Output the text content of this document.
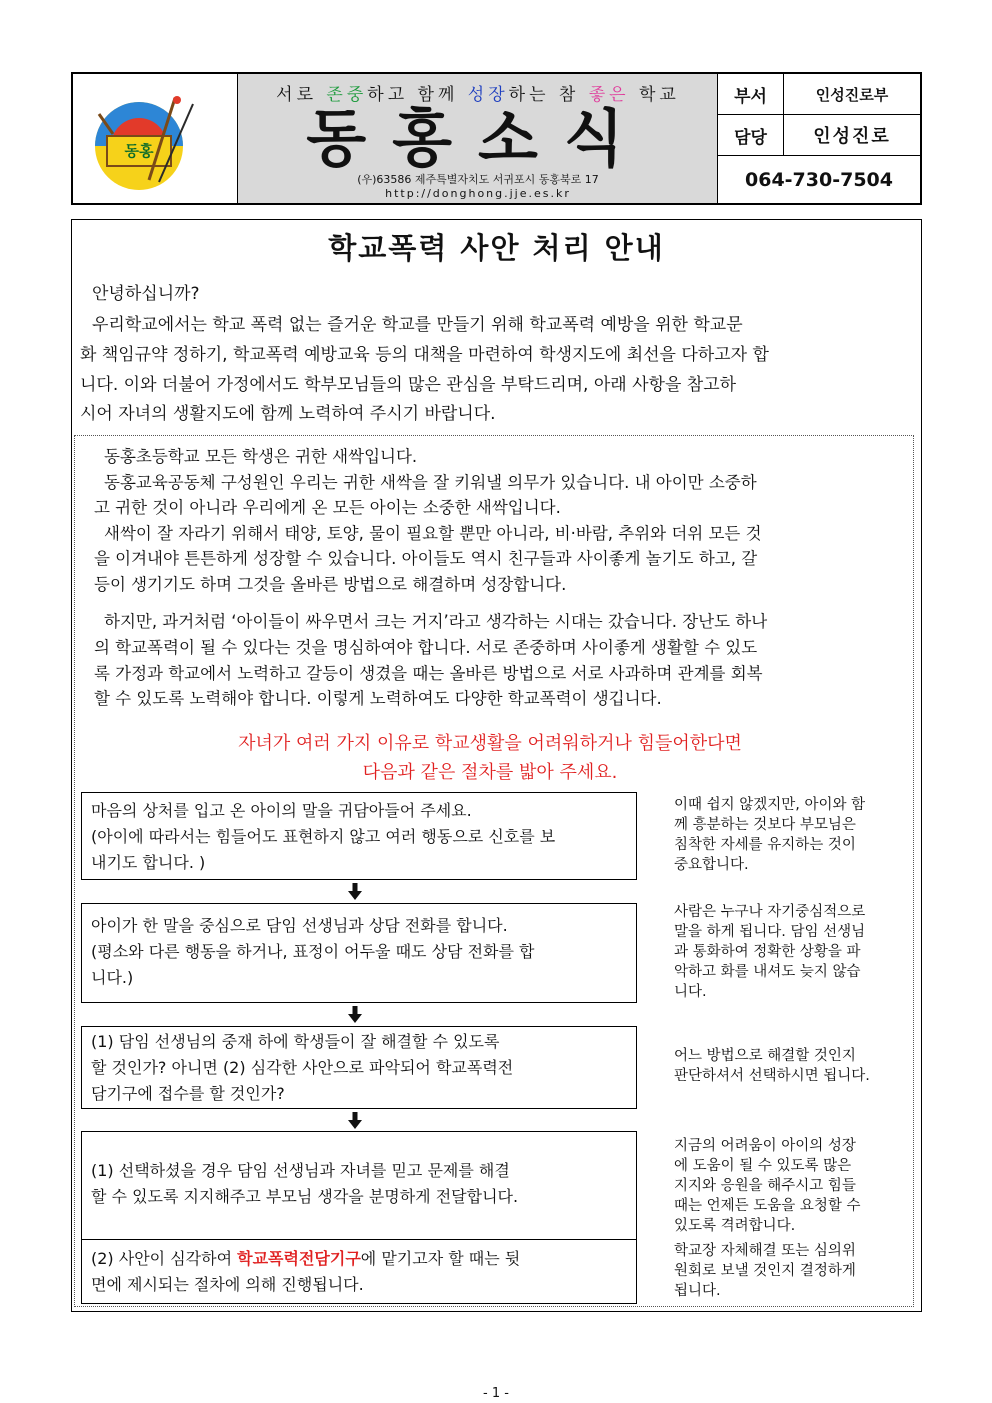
동홍
서로 존중하고 함께 성장하는 참 좋은 학교
동홍소식
(우)63586 제주특별자치도 서귀포시 동홍북로 17
http://donghong.jje.es.kr
부서	인성진로부
담당	인성진로
064-730-7504
학교폭력 사안 처리 안내
안녕하십니까?
우리학교에서는 학교 폭력 없는 즐거운 학교를 만들기 위해 학교폭력 예방을 위한 학교문
화 책임규약 정하기, 학교폭력 예방교육 등의 대책을 마련하여 학생지도에 최선을 다하고자 합
니다. 이와 더불어 가정에서도 학부모님들의 많은 관심을 부탁드리며, 아래 사항을 참고하
시어 자녀의 생활지도에 함께 노력하여 주시기 바랍니다.
동홍초등학교 모든 학생은 귀한 새싹입니다.
동홍교육공동체 구성원인 우리는 귀한 새싹을 잘 키워낼 의무가 있습니다. 내 아이만 소중하
고 귀한 것이 아니라 우리에게 온 모든 아이는 소중한 새싹입니다.
새싹이 잘 자라기 위해서 태양, 토양, 물이 필요할 뿐만 아니라, 비·바람, 추위와 더위 모든 것
을 이겨내야 튼튼하게 성장할 수 있습니다. 아이들도 역시 친구들과 사이좋게 놀기도 하고, 갈
등이 생기기도 하며 그것을 올바른 방법으로 해결하며 성장합니다.
하지만, 과거처럼 ‘아이들이 싸우면서 크는 거지’라고 생각하는 시대는 갔습니다. 장난도 하나
의 학교폭력이 될 수 있다는 것을 명심하여야 합니다. 서로 존중하며 사이좋게 생활할 수 있도
록 가정과 학교에서 노력하고 갈등이 생겼을 때는 올바른 방법으로 서로 사과하며 관계를 회복
할 수 있도록 노력해야 합니다. 이렇게 노력하여도 다양한 학교폭력이 생깁니다.
자녀가 여러 가지 이유로 학교생활을 어려워하거나 힘들어한다면
다음과 같은 절차를 밟아 주세요.
마음의 상처를 입고 온 아이의 말을 귀담아들어 주세요.
(아이에 따라서는 힘들어도 표현하지 않고 여러 행동으로 신호를 보
내기도 합니다. )
이때 쉽지 않겠지만, 아이와 함
께 흥분하는 것보다 부모님은
침착한 자세를 유지하는 것이
중요합니다.
아이가 한 말을 중심으로 담임 선생님과 상담 전화를 합니다.
(평소와 다른 행동을 하거나, 표정이 어두울 때도 상담 전화를 합
니다.)
사람은 누구나 자기중심적으로
말을 하게 됩니다. 담임 선생님
과 통화하여 정확한 상황을 파
악하고 화를 내셔도 늦지 않습
니다.
(1) 담임 선생님의 중재 하에 학생들이 잘 해결할 수 있도록
할 것인가? 아니면 (2) 심각한 사안으로 파악되어 학교폭력전
담기구에 접수를 할 것인가?
어느 방법으로 해결할 것인지
판단하셔서 선택하시면 됩니다.
(1) 선택하셨을 경우 담임 선생님과 자녀를 믿고 문제를 해결
할 수 있도록 지지해주고 부모님 생각을 분명하게 전달합니다.
(2) 사안이 심각하여 학교폭력전담기구에 맡기고자 할 때는 뒷
면에 제시되는 절차에 의해 진행됩니다.
지금의 어려움이 아이의 성장
에 도움이 될 수 있도록 많은
지지와 응원을 해주시고 힘들
때는 언제든 도움을 요청할 수
있도록 격려합니다.
학교장 자체해결 또는 심의위
원회로 보낼 것인지 결정하게
됩니다.
- 1 -
